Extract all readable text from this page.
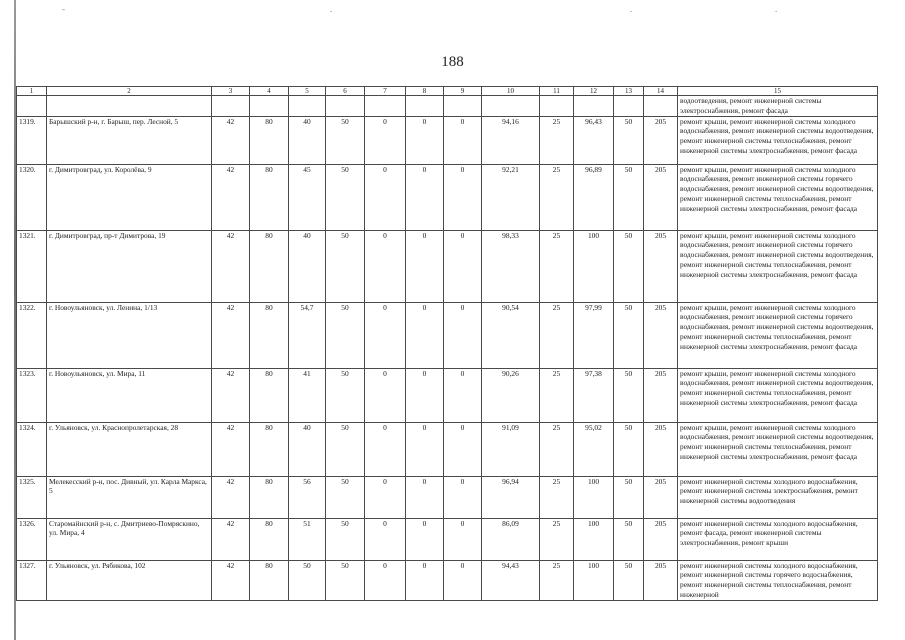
188
1	2	3	4	5	6	7	8	9	10	11	12	13	14	15
														водоотведения, ремонт инженерной системы электроснабжения, ремонт фасада
1319.	Барышский р-н, г. Барыш, пер. Лесной, 5	42	80	40	50	0	0	0	94,16	25	96,43	50	205	ремонт крыши, ремонт инженерной системы холодного водоснабжения, ремонт инженерной системы водоотведения, ремонт инженерной системы теплоснабжения, ремонт инженерной системы электроснабжения, ремонт фасада
1320.	г. Димитровград, ул. Королёва, 9	42	80	45	50	0	0	0	92,21	25	96,89	50	205	ремонт крыши, ремонт инженерной системы холодного водоснабжения, ремонт инженерной системы горячего водоснабжения, ремонт инженерной системы водоотведения, ремонт инженерной системы теплоснабжения, ремонт инженерной системы электроснабжения, ремонт фасада
1321.	г. Димитровград, пр-т Димитрова, 19	42	80	40	50	0	0	0	98,33	25	100	50	205	ремонт крыши, ремонт инженерной системы холодного водоснабжения, ремонт инженерной системы горячего водоснабжения, ремонт инженерной системы водоотведения, ремонт инженерной системы теплоснабжения, ремонт инженерной системы электроснабжения, ремонт фасада
1322.	г. Новоульяновск, ул. Ленина, 1/13	42	80	54,7	50	0	0	0	90,54	25	97,99	50	205	ремонт крыши, ремонт инженерной системы холодного водоснабжения, ремонт инженерной системы горячего водоснабжения, ремонт инженерной системы водоотведения, ремонт инженерной системы теплоснабжения, ремонт инженерной системы электроснабжения, ремонт фасада
1323.	г. Новоульяновск, ул. Мира, 11	42	80	41	50	0	0	0	90,26	25	97,38	50	205	ремонт крыши, ремонт инженерной системы холодного водоснабжения, ремонт инженерной системы водоотведения, ремонт инженерной системы теплоснабжения, ремонт инженерной системы электроснабжения, ремонт фасада
1324.	г. Ульяновск, ул. Краснопролетарская, 28	42	80	40	50	0	0	0	91,09	25	95,02	50	205	ремонт крыши, ремонт инженерной системы холодного водоснабжения, ремонт инженерной системы водоотведения, ремонт инженерной системы теплоснабжения, ремонт инженерной системы электроснабжения, ремонт фасада
1325.	Мелекесский р-н, пос. Дивный, ул. Карла Маркса, 5	42	80	56	50	0	0	0	96,94	25	100	50	205	ремонт инженерной системы холодного водоснабжения, ремонт инженерной системы электроснабжения, ремонт инженерной системы водоотведения
1326.	Старомайнский р-н, с. Дмитриево-Помряскино, ул. Мира, 4	42	80	51	50	0	0	0	86,09	25	100	50	205	ремонт инженерной системы холодного водоснабжения, ремонт фасада, ремонт инженерной системы электроснабжения, ремонт крыши
1327.	г. Ульяновск, ул. Рябикова, 102	42	80	50	50	0	0	0	94,43	25	100	50	205	ремонт инженерной системы холодного водоснабжения, ремонт инженерной системы горячего водоснабжения, ремонт инженерной системы теплоснабжения, ремонт инженерной
-	.	.	.
